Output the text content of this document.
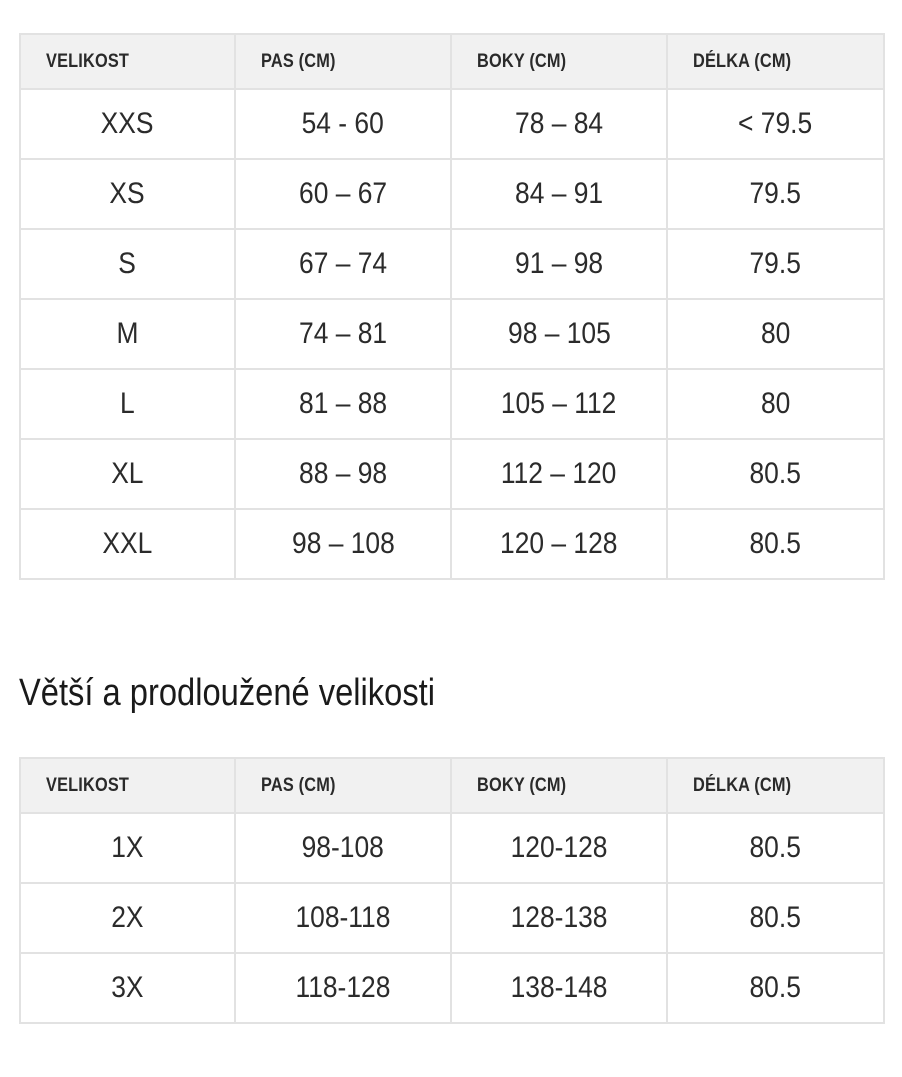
VELIKOST	PAS (CM)	BOKY (CM)	DÉLKA (CM)
XXS	54 - 60	78 – 84	< 79.5
XS	60 – 67	84 – 91	79.5
S	67 – 74	91 – 98	79.5
M	74 – 81	98 – 105	80
L	81 – 88	105 – 112	80
XL	88 – 98	112 – 120	80.5
XXL	98 – 108	120 – 128	80.5
Větší a prodloužené velikosti
VELIKOST	PAS (CM)	BOKY (CM)	DÉLKA (CM)
1X	98-108	120-128	80.5
2X	108-118	128-138	80.5
3X	118-128	138-148	80.5
